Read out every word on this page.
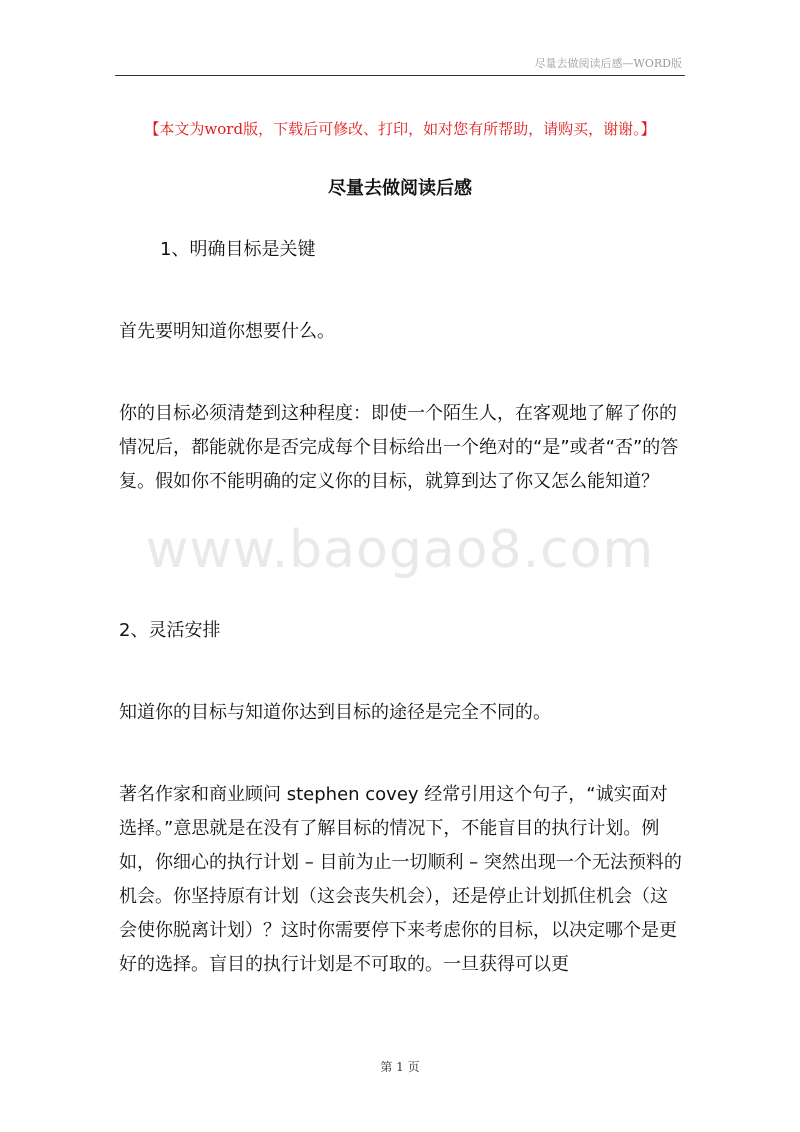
尽量去做阅读后感—WORD版
【本文为word版，下载后可修改、打印，如对您有所帮助，请购买，谢谢。】
尽量去做阅读后感
1、明确目标是关键
首先要明知道你想要什么。
你的目标必须清楚到这种程度：即使一个陌生人，在客观地了解了你的情况后，都能就你是否完成每个目标给出一个绝对的“是”或者“否”的答复。假如你不能明确的定义你的目标，就算到达了你又怎么能知道？
2、灵活安排
知道你的目标与知道你达到目标的途径是完全不同的。
著名作家和商业顾问 stephen covey 经常引用这个句子，“诚实面对选择。”意思就是在没有了解目标的情况下，不能盲目的执行计划。例如，你细心的执行计划 – 目前为止一切顺利 – 突然出现一个无法预料的机会。你坚持原有计划（这会丧失机会），还是停止计划抓住机会（这会使你脱离计划）？这时你需要停下来考虑你的目标，以决定哪个是更好的选择。盲目的执行计划是不可取的。一旦获得可以更
www.baogao8.com
第 1 页
